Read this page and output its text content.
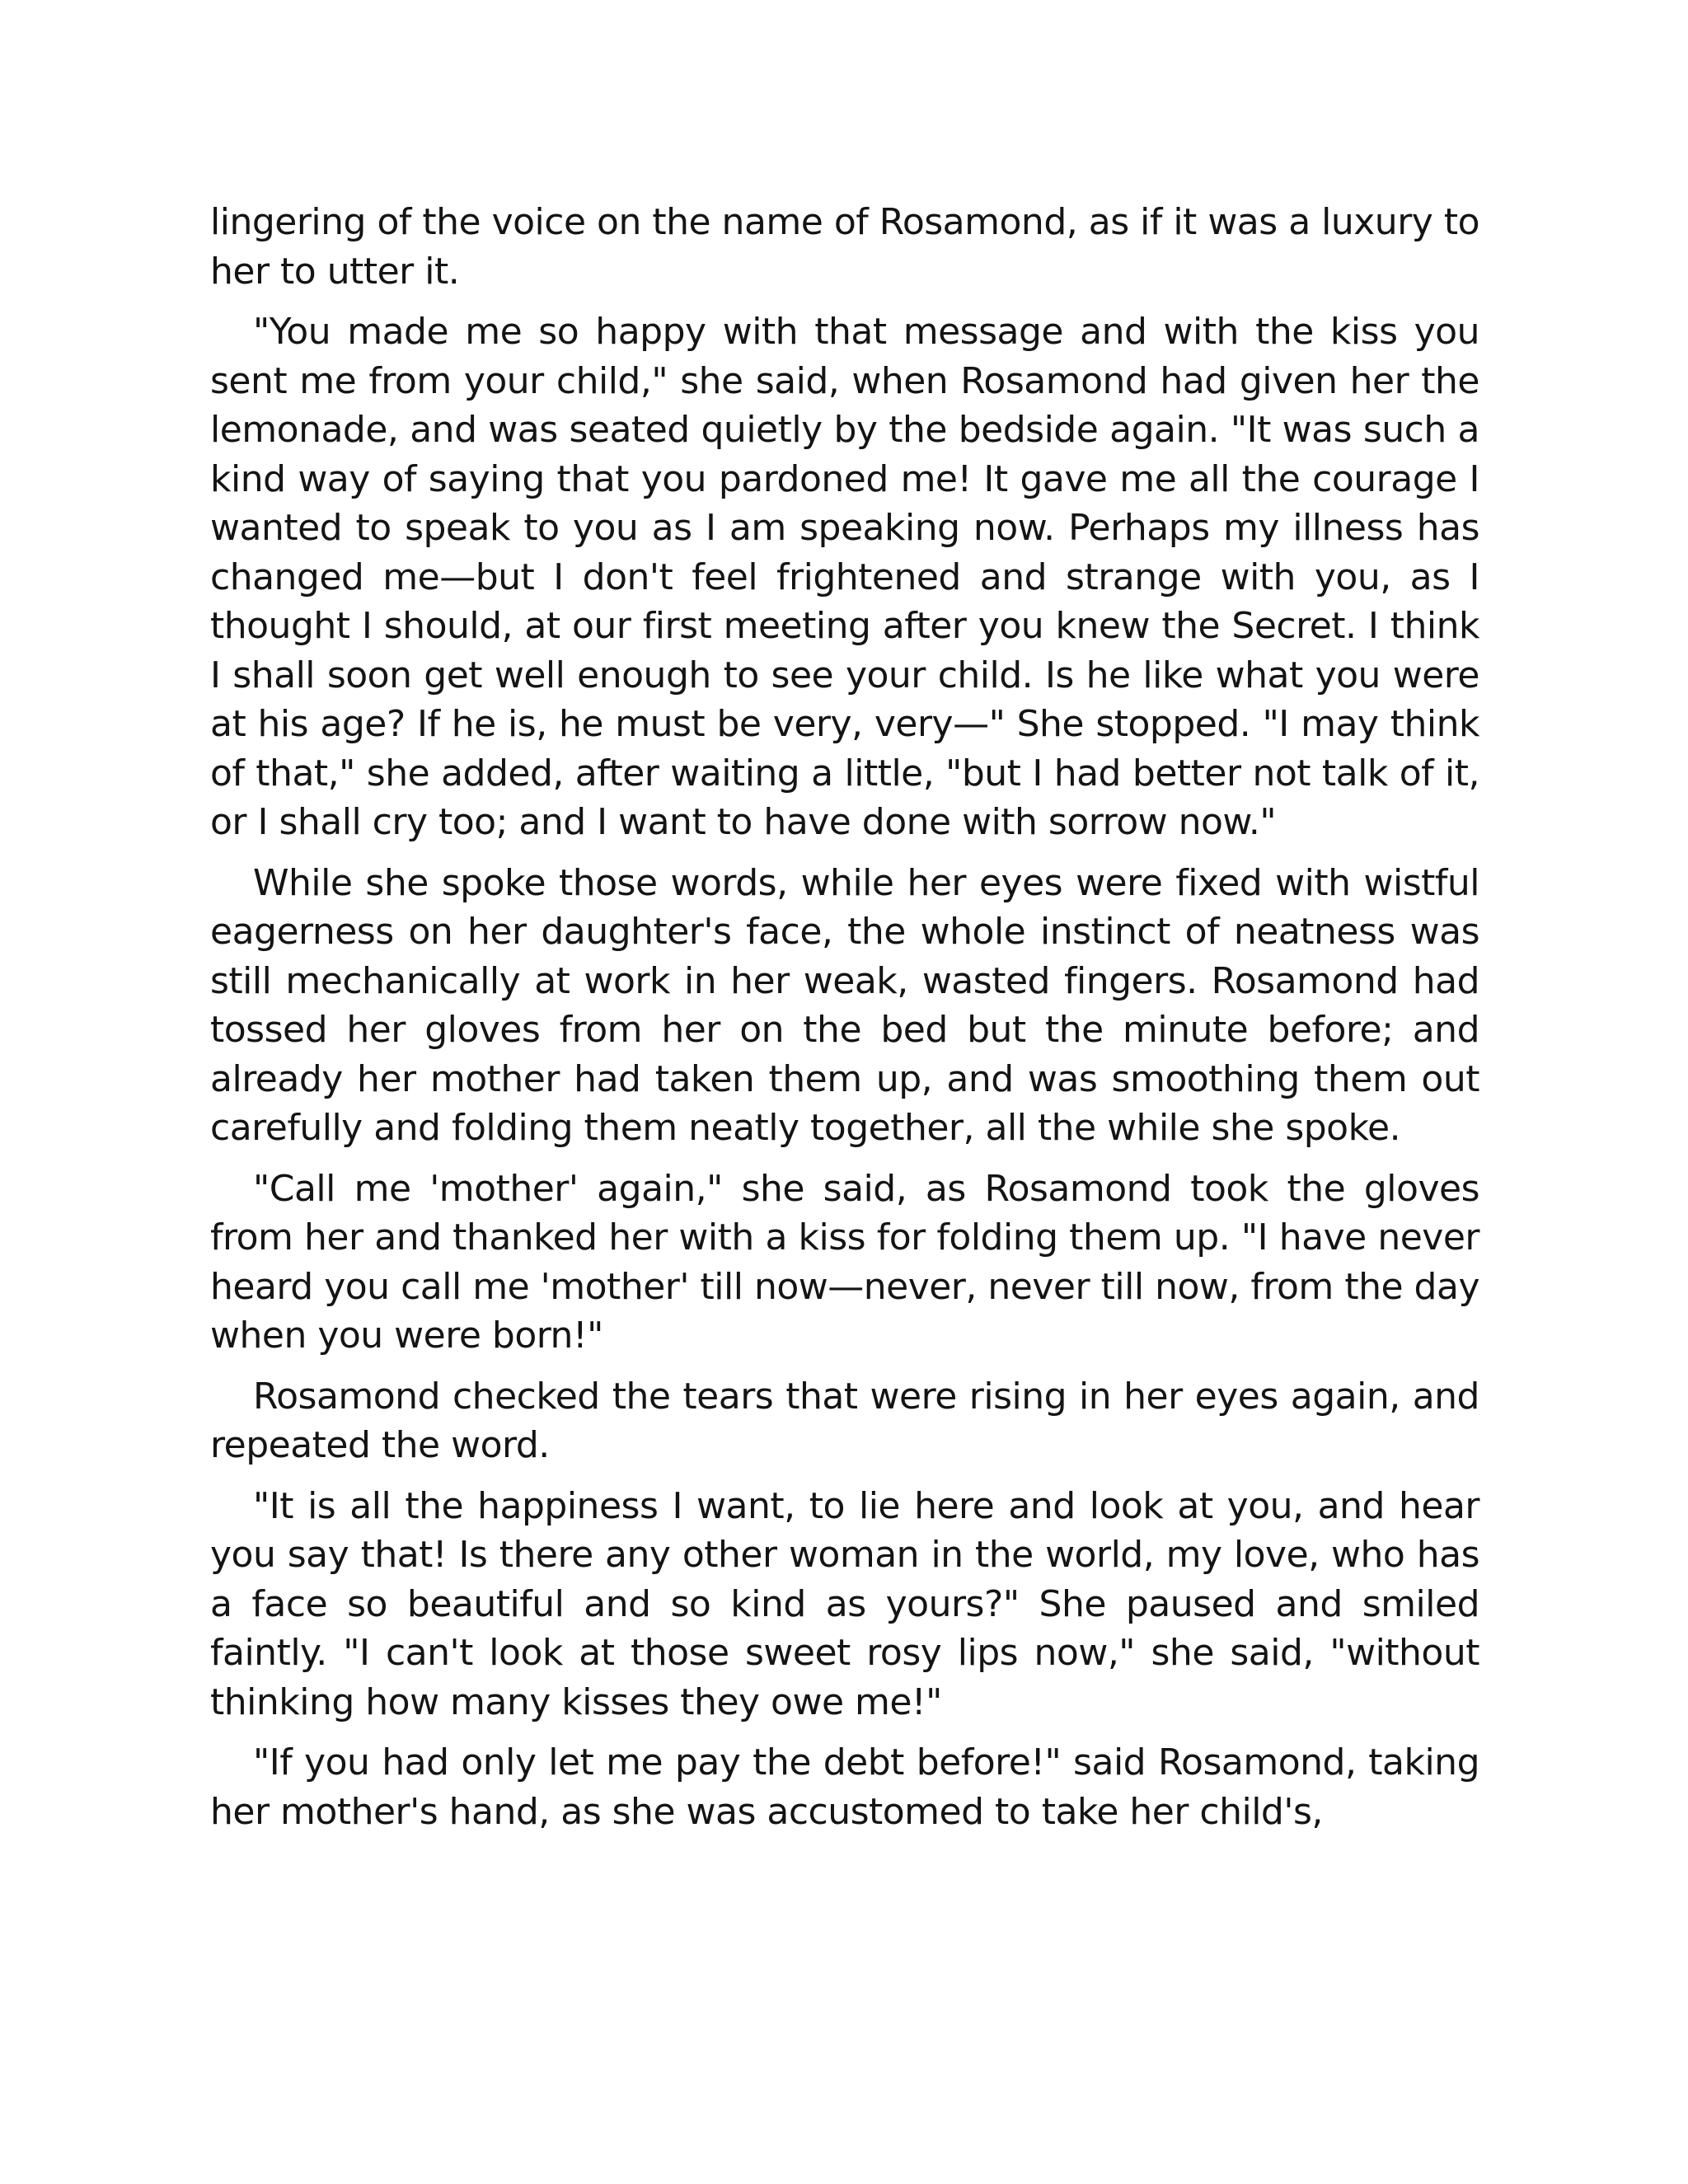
lingering of the voice on the name of Rosamond, as if it was a luxury to her to utter it.

"You made me so happy with that message and with the kiss you sent me from your child," she said, when Rosamond had given her the lemonade, and was seated quietly by the bedside again. "It was such a kind way of saying that you pardoned me! It gave me all the courage I wanted to speak to you as I am speaking now. Perhaps my illness has changed me—but I don't feel frightened and strange with you, as I thought I should, at our first meeting after you knew the Secret. I think I shall soon get well enough to see your child. Is he like what you were at his age? If he is, he must be very, very—" She stopped. "I may think of that," she added, after waiting a little, "but I had better not talk of it, or I shall cry too; and I want to have done with sorrow now."

While she spoke those words, while her eyes were fixed with wistful eagerness on her daughter's face, the whole instinct of neatness was still mechanically at work in her weak, wasted fingers. Rosamond had tossed her gloves from her on the bed but the minute before; and already her mother had taken them up, and was smoothing them out carefully and folding them neatly together, all the while she spoke.

"Call me 'mother' again," she said, as Rosamond took the gloves from her and thanked her with a kiss for folding them up. "I have never heard you call me 'mother' till now—never, never till now, from the day when you were born!"

Rosamond checked the tears that were rising in her eyes again, and repeated the word.

"It is all the happiness I want, to lie here and look at you, and hear you say that! Is there any other woman in the world, my love, who has a face so beautiful and so kind as yours?" She paused and smiled faintly. "I can't look at those sweet rosy lips now," she said, "without thinking how many kisses they owe me!"

"If you had only let me pay the debt before!" said Rosamond, taking her mother's hand, as she was accustomed to take her child's,
